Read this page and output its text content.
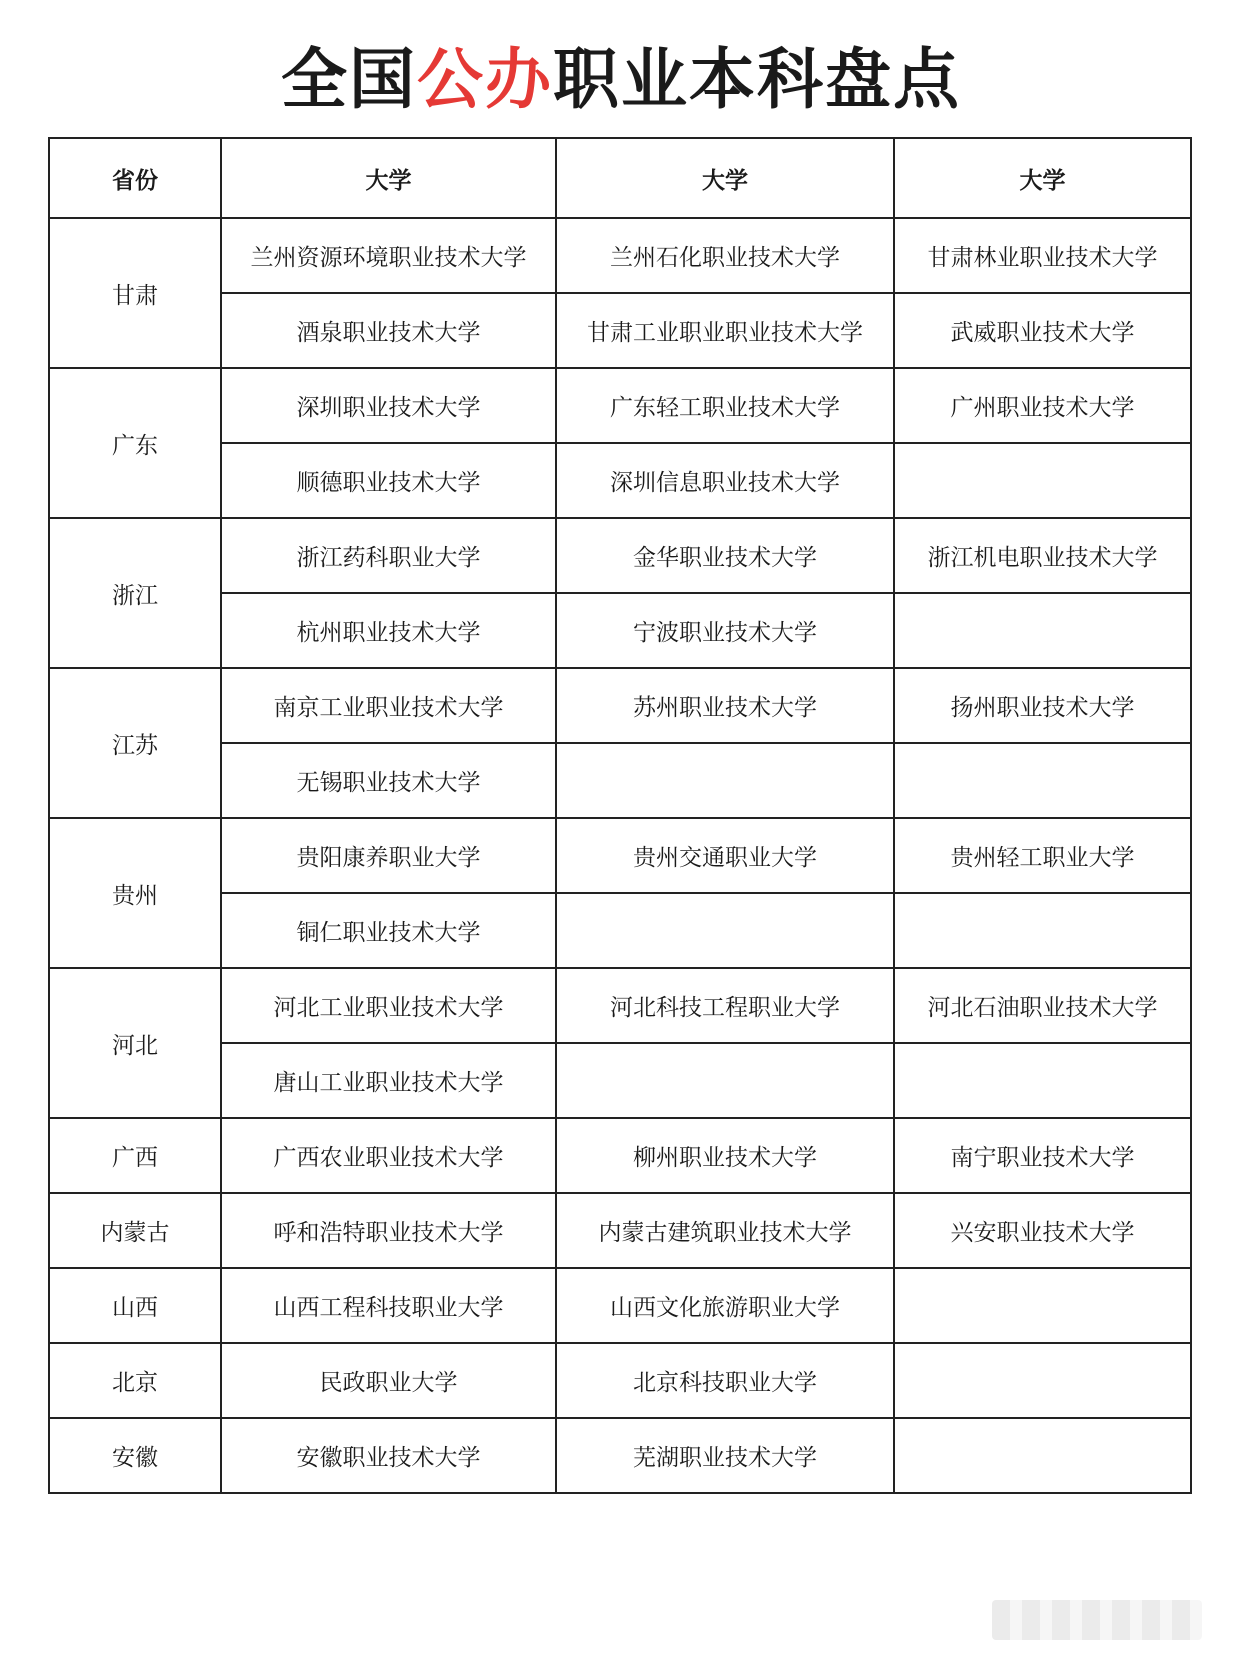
全国公办职业本科盘点
省份	大学	大学	大学
甘肃	兰州资源环境职业技术大学	兰州石化职业技术大学	甘肃林业职业技术大学
	酒泉职业技术大学	甘肃工业职业职业技术大学	武威职业技术大学
广东	深圳职业技术大学	广东轻工职业技术大学	广州职业技术大学
	顺德职业技术大学	深圳信息职业技术大学	
浙江	浙江药科职业大学	金华职业技术大学	浙江机电职业技术大学
	杭州职业技术大学	宁波职业技术大学	
江苏	南京工业职业技术大学	苏州职业技术大学	扬州职业技术大学
	无锡职业技术大学		
贵州	贵阳康养职业大学	贵州交通职业大学	贵州轻工职业大学
	铜仁职业技术大学		
河北	河北工业职业技术大学	河北科技工程职业大学	河北石油职业技术大学
	唐山工业职业技术大学		
广西	广西农业职业技术大学	柳州职业技术大学	南宁职业技术大学
内蒙古	呼和浩特职业技术大学	内蒙古建筑职业技术大学	兴安职业技术大学
山西	山西工程科技职业大学	山西文化旅游职业大学	
北京	民政职业大学	北京科技职业大学	
安徽	安徽职业技术大学	芜湖职业技术大学	
